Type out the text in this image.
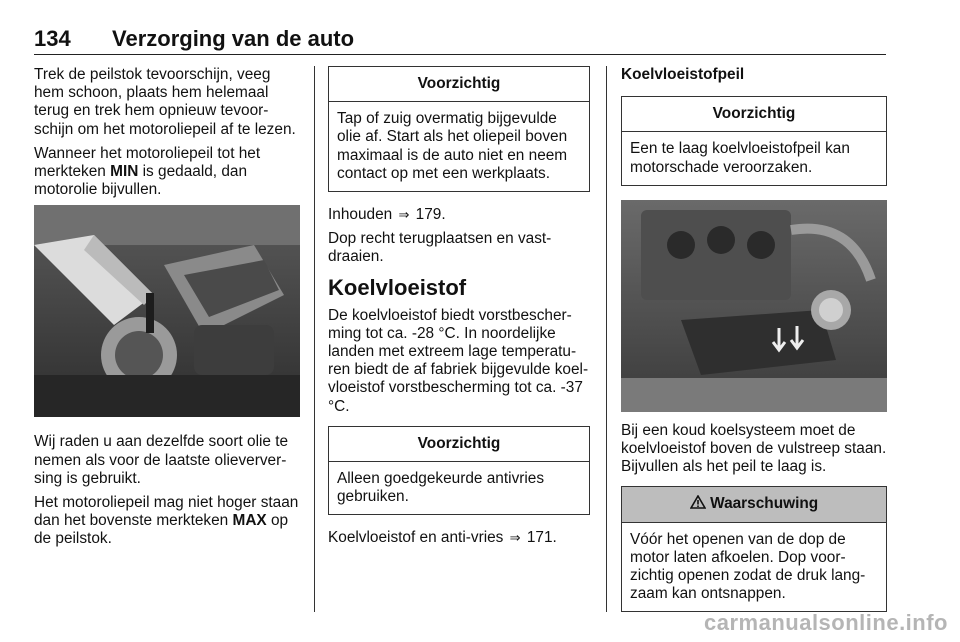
134 Verzorging van de auto

Trek de peilstok tevoorschijn, veeg hem schoon, plaats hem helemaal terug en trek hem opnieuw tevoor-schijn om het motoroliepeil af te lezen.

Wanneer het motoroliepeil tot het merkteken MIN is gedaald, dan motorolie bijvullen.

Wij raden u aan dezelfde soort olie te nemen als voor de laatste olieverver-sing is gebruikt.

Het motoroliepeil mag niet hoger staan dan het bovenste merkteken MAX op de peilstok.

Voorzichtig
Tap of zuig overmatig bijgevulde olie af. Start als het oliepeil boven maximaal is de auto niet en neem contact op met een werkplaats.

Inhouden ⇒ 179.

Dop recht terugplaatsen en vast-draaien.

Koelvloeistof

De koelvloeistof biedt vorstbescher-ming tot ca. -28 °C. In noordelijke landen met extreem lage temperatu-ren biedt de af fabriek bijgevulde koel-vloeistof vorstbescherming tot ca. -37 °C.

Voorzichtig
Alleen goedgekeurde antivries gebruiken.

Koelvloeistof en anti-vries ⇒ 171.

Koelvloeistofpeil
Voorzichtig
Een te laag koelvloeistofpeil kan motorschade veroorzaken.

Bij een koud koelsysteem moet de koelvloeistof boven de vulstreep staan. Bijvullen als het peil te laag is.

Waarschuwing
Vóór het openen van de dop de motor laten afkoelen. Dop voor-zichtig openen zodat de druk lang-zaam kan ontsnappen.
carmanualsonline.info
